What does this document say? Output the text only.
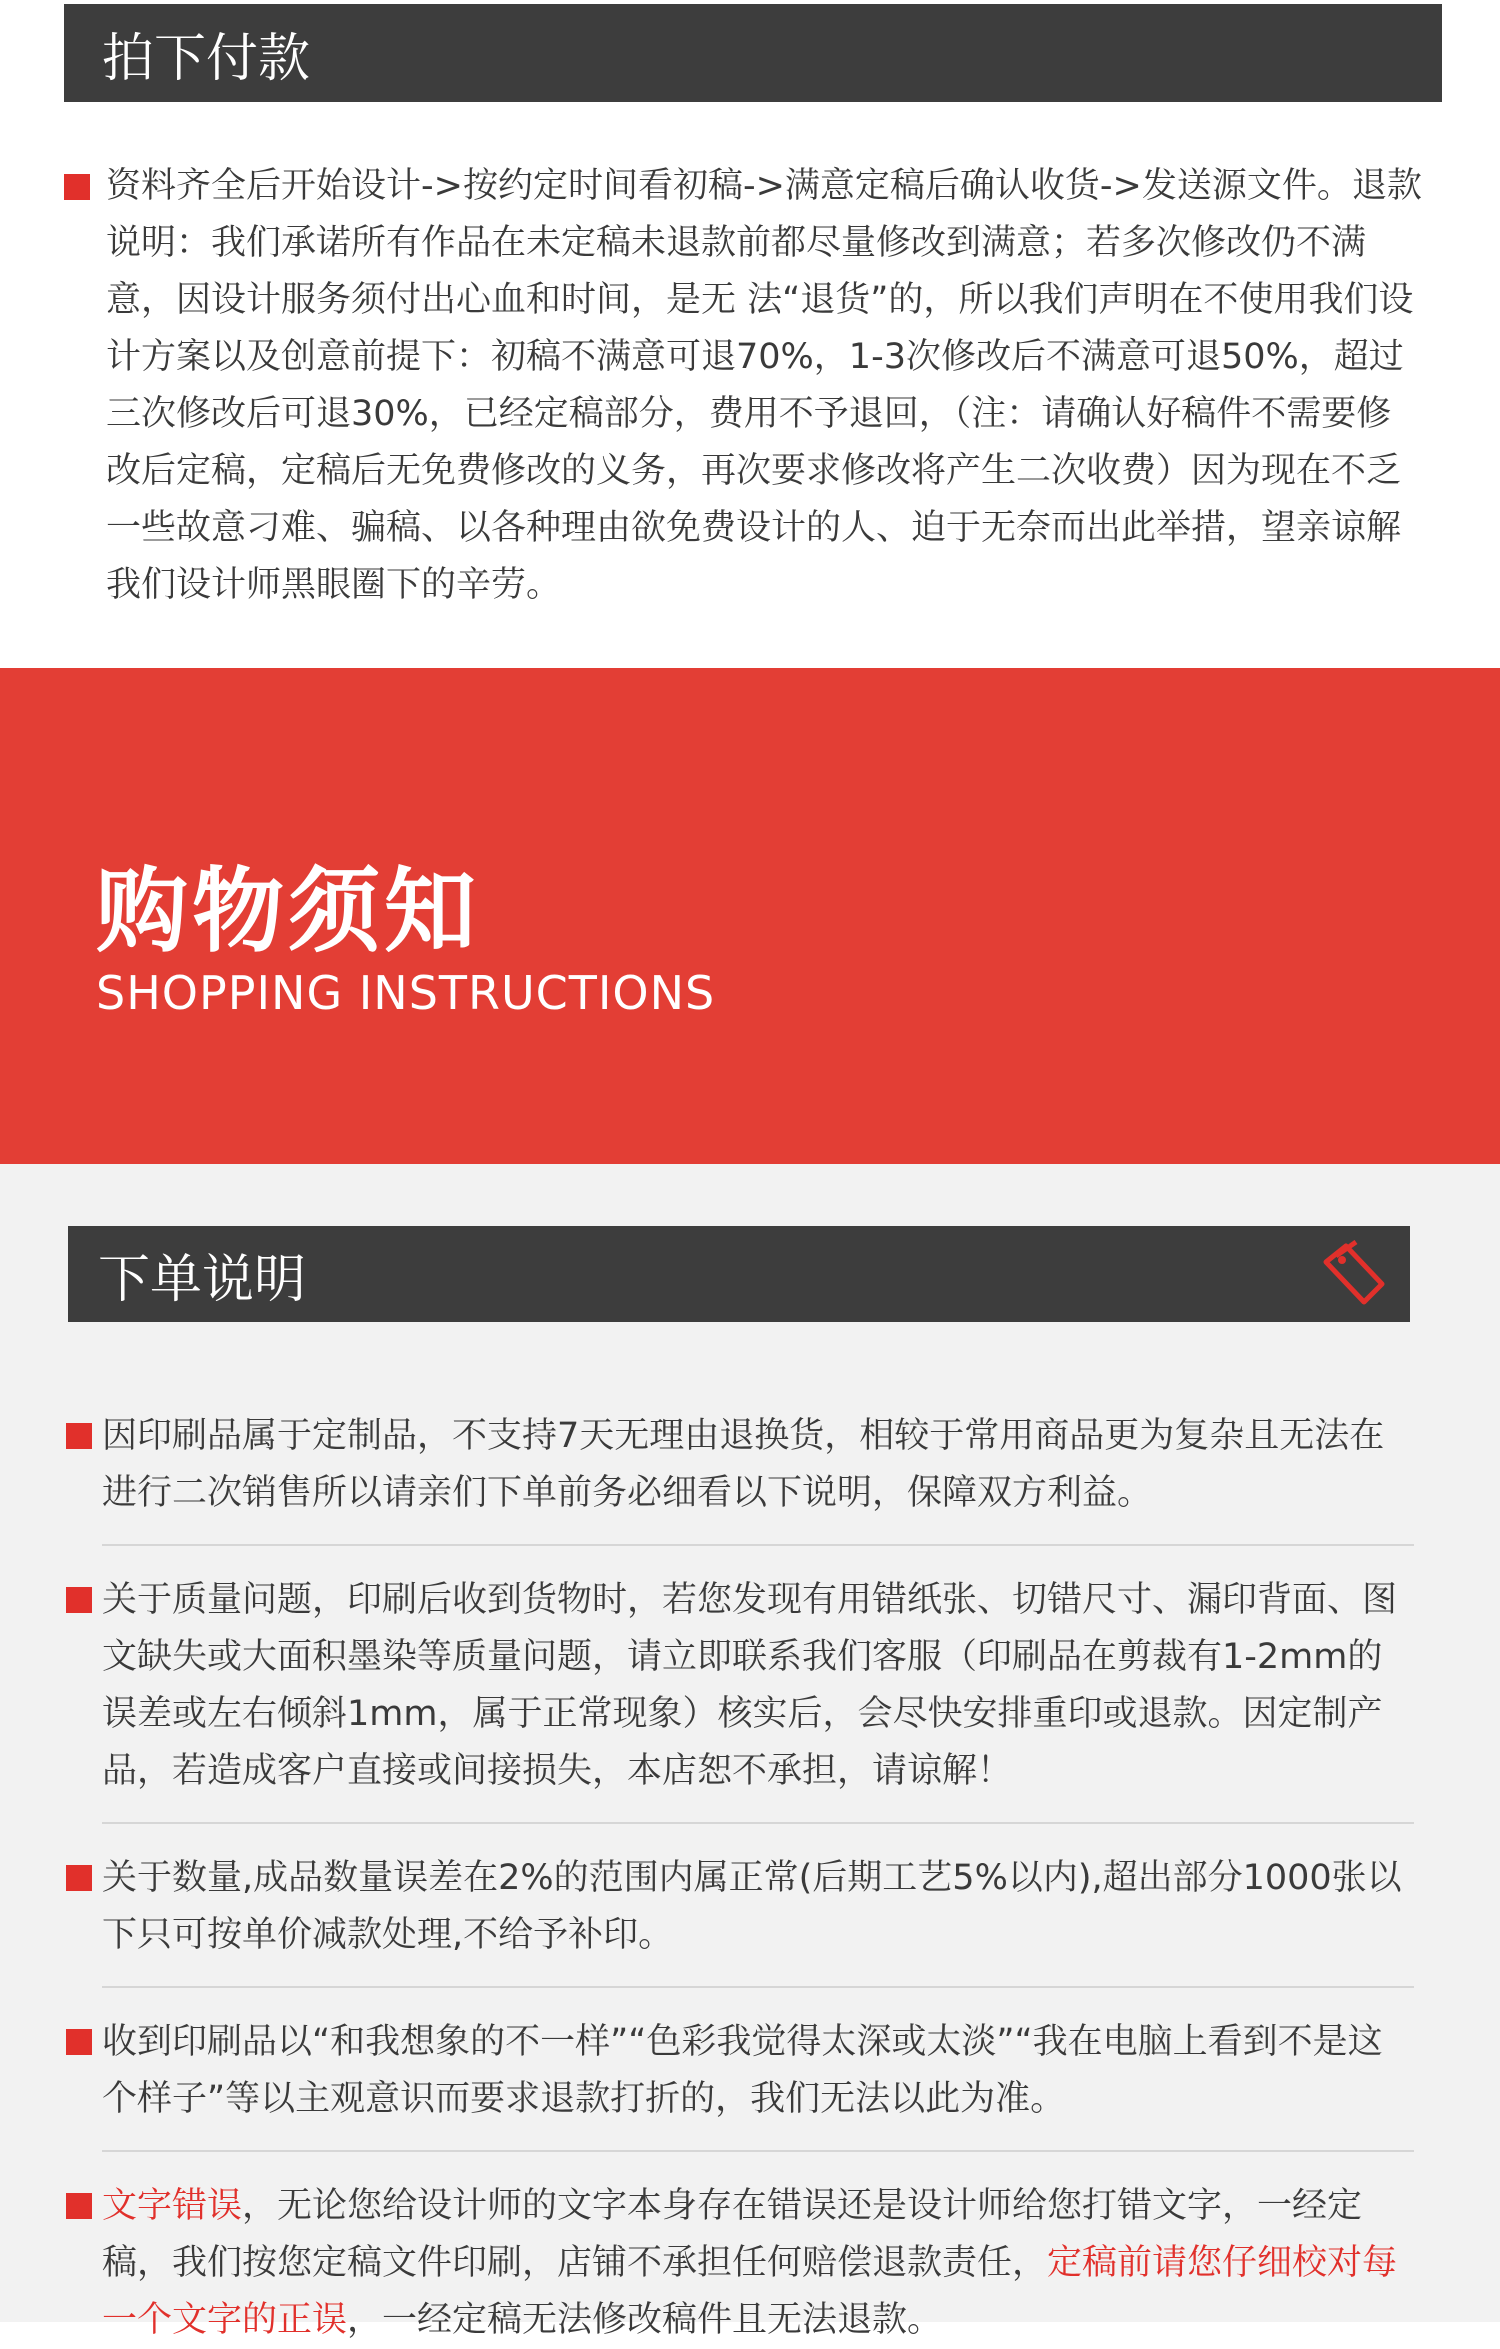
拍下付款
资料齐全后开始设计->按约定时间看初稿->满意定稿后确认收货->发送源文件。退款说明：我们承诺所有作品在未定稿未退款前都尽量修改到满意；若多次修改仍不满意，因设计服务须付出心血和时间，是无 法“退货”的，所以我们声明在不使用我们设计方案以及创意前提下：初稿不满意可退70%，1-3次修改后不满意可退50%，超过三次修改后可退30%，已经定稿部分，费用不予退回，（注：请确认好稿件不需要修改后定稿，定稿后无免费修改的义务，再次要求修改将产生二次收费）因为现在不乏一些故意刁难、骗稿、以各种理由欲免费设计的人、迫于无奈而出此举措，望亲谅解我们设计师黑眼圈下的辛劳。
购物须知
SHOPPING INSTRUCTIONS
下单说明
因印刷品属于定制品，不支持7天无理由退换货，相较于常用商品更为复杂且无法在进行二次销售所以请亲们下单前务必细看以下说明，保障双方利益。
关于质量问题，印刷后收到货物时，若您发现有用错纸张、切错尺寸、漏印背面、图文缺失或大面积墨染等质量问题，请立即联系我们客服（印刷品在剪裁有1-2mm的误差或左右倾斜1mm，属于正常现象）核实后，会尽快安排重印或退款。因定制产品，若造成客户直接或间接损失，本店恕不承担，请谅解！
关于数量,成品数量误差在2%的范围内属正常(后期工艺5%以内),超出部分1000张以下只可按单价减款处理,不给予补印。
收到印刷品以“和我想象的不一样”“色彩我觉得太深或太淡”“我在电脑上看到不是这个样子”等以主观意识而要求退款打折的，我们无法以此为准。
文字错误，无论您给设计师的文字本身存在错误还是设计师给您打错文字，一经定稿，我们按您定稿文件印刷，店铺不承担任何赔偿退款责任，定稿前请您仔细校对每一个文字的正误，一经定稿无法修改稿件且无法退款。
